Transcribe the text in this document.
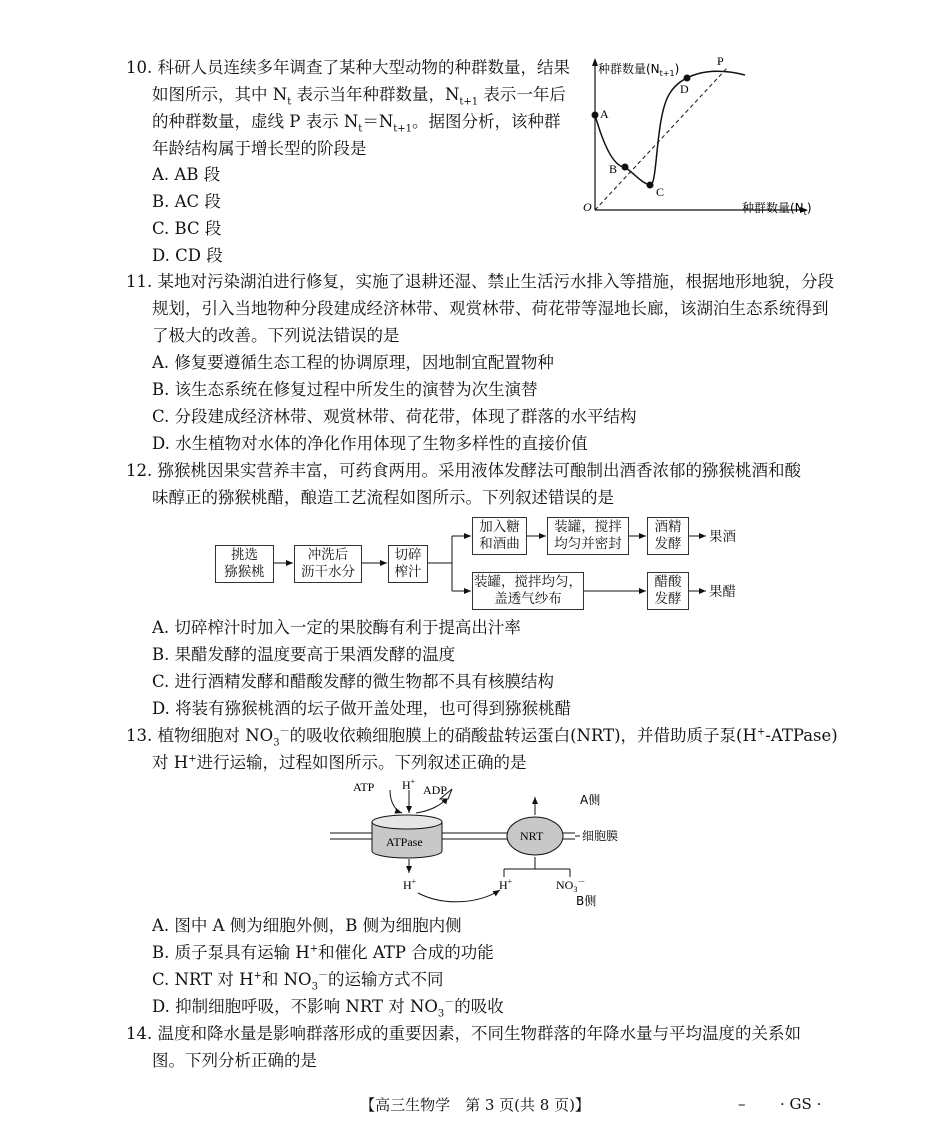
10. 科研人员连续多年调查了某种大型动物的种群数量，结果
如图所示，其中 $N_t$ 表示当年种群数量，$N_{t+1}$ 表示一年后
的种群数量，虚线 P 表示 $N_t=N_{t+1}$。据图分析，该种群
年龄结构属于增长型的阶段是
A. AB 段
B. AC 段
C. BC 段
D. CD 段
A
B
C
D
P
O
种群数量$(N_{t+1})$
种群数量$(N_t)$
11. 某地对污染湖泊进行修复，实施了退耕还湿、禁止生活污水排入等措施，根据地形地貌，分段
规划，引入当地物种分段建成经济林带、观赏林带、荷花带等湿地长廊，该湖泊生态系统得到
了极大的改善。下列说法错误的是
A. 修复要遵循生态工程的协调原理，因地制宜配置物种
B. 该生态系统在修复过程中所发生的演替为次生演替
C. 分段建成经济林带、观赏林带、荷花带，体现了群落的水平结构
D. 水生植物对水体的净化作用体现了生物多样性的直接价值
12. 猕猴桃因果实营养丰富，可药食两用。采用液体发酵法可酿制出酒香浓郁的猕猴桃酒和酸
味醇正的猕猴桃醋，酿造工艺流程如图所示。下列叙述错误的是
挑选
猕猴桃
冲洗后
沥干水分
切碎
榨汁
加入糖
和酒曲
装罐，搅拌
均匀并密封
酒精
发酵 果酒
装罐，搅拌均匀，
盖透气纱布
醋酸
发酵 果醋
A. 切碎榨汁时加入一定的果胶酶有利于提高出汁率
B. 果醋发酵的温度要高于果酒发酵的温度
C. 进行酒精发酵和醋酸发酵的微生物都不具有核膜结构
D. 将装有猕猴桃酒的坛子做开盖处理，也可得到猕猴桃醋
13. 植物细胞对 $NO_3^-$的吸收依赖细胞膜上的硝酸盐转运蛋白(NRT)，并借助质子泵(H+-ATPase)
对 H+进行运输，过程如图所示。下列叙述正确的是
ATP H+
ADP
ATPase	NRT
A侧
细胞膜
H+	H+	$NO_3^-$
B侧
A. 图中 A 侧为细胞外侧，B 侧为细胞内侧
B. 质子泵具有运输 H+和催化 ATP 合成的功能
C. NRT 对 H+和 $NO_3^-$的运输方式不同
D. 抑制细胞呼吸，不影响 NRT 对 $NO_3^-$的吸收
14. 温度和降水量是影响群落形成的重要因素，不同生物群落的年降水量与平均温度的关系如
图。下列分析正确的是
【高三生物学　第 3 页(共 8 页)】	– · GS ·
